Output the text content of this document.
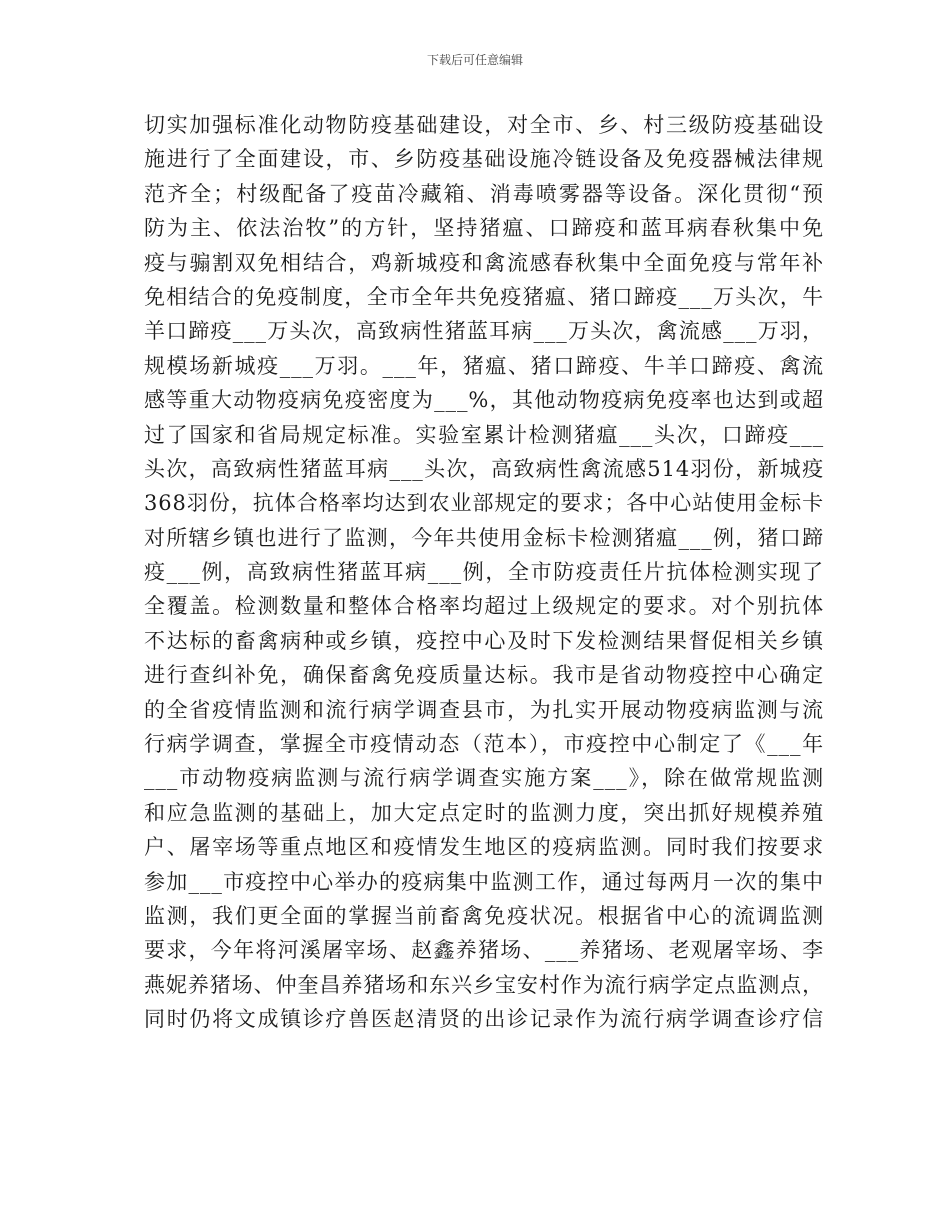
下载后可任意编辑
切实加强标准化动物防疫基础建设，对全市、乡、村三级防疫基础设
施进行了全面建设，市、乡防疫基础设施冷链设备及免疫器械法律规
范齐全；村级配备了疫苗冷藏箱、消毒喷雾器等设备。深化贯彻“预
防为主、依法治牧”的方针，坚持猪瘟、口蹄疫和蓝耳病春秋集中免
疫与骟割双免相结合，鸡新城疫和禽流感春秋集中全面免疫与常年补
免相结合的免疫制度，全市全年共免疫猪瘟、猪口蹄疫___万头次，牛
羊口蹄疫___万头次，高致病性猪蓝耳病___万头次，禽流感___万羽，
规模场新城疫___万羽。___年，猪瘟、猪口蹄疫、牛羊口蹄疫、禽流
感等重大动物疫病免疫密度为___%，其他动物疫病免疫率也达到或超
过了国家和省局规定标准。实验室累计检测猪瘟___头次，口蹄疫___
头次，高致病性猪蓝耳病___头次，高致病性禽流感514羽份，新城疫
368羽份，抗体合格率均达到农业部规定的要求；各中心站使用金标卡
对所辖乡镇也进行了监测，今年共使用金标卡检测猪瘟___例，猪口蹄
疫___例，高致病性猪蓝耳病___例，全市防疫责任片抗体检测实现了
全覆盖。检测数量和整体合格率均超过上级规定的要求。对个别抗体
不达标的畜禽病种或乡镇，疫控中心及时下发检测结果督促相关乡镇
进行查纠补免，确保畜禽免疫质量达标。我市是省动物疫控中心确定
的全省疫情监测和流行病学调查县市，为扎实开展动物疫病监测与流
行病学调查，掌握全市疫情动态（范本），市疫控中心制定了《___年
___市动物疫病监测与流行病学调查实施方案___》，除在做常规监测
和应急监测的基础上，加大定点定时的监测力度，突出抓好规模养殖
户、屠宰场等重点地区和疫情发生地区的疫病监测。同时我们按要求
参加___市疫控中心举办的疫病集中监测工作，通过每两月一次的集中
监测，我们更全面的掌握当前畜禽免疫状况。根据省中心的流调监测
要求，今年将河溪屠宰场、赵鑫养猪场、___养猪场、老观屠宰场、李
燕妮养猪场、仲奎昌养猪场和东兴乡宝安村作为流行病学定点监测点，
同时仍将文成镇诊疗兽医赵清贤的出诊记录作为流行病学调查诊疗信
